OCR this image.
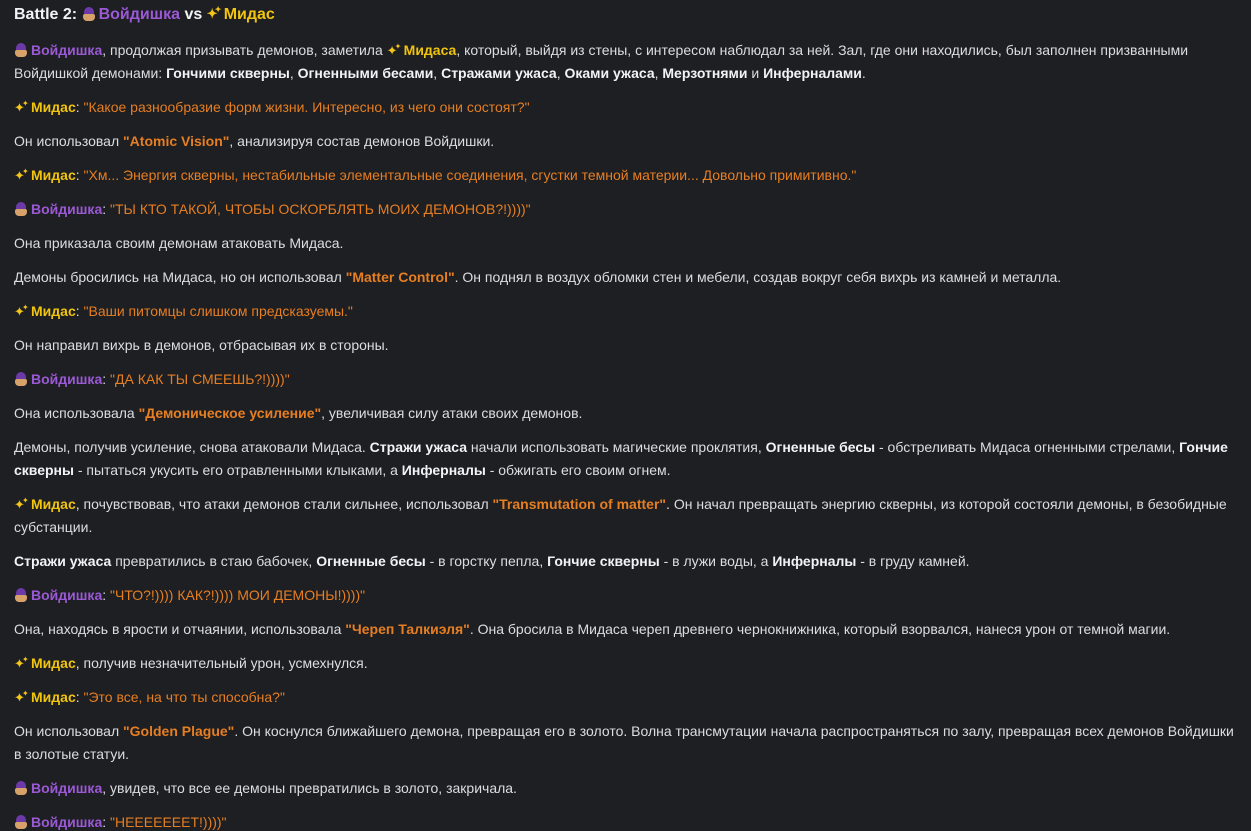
Battle 2: Войдишка vs ✦ ✦ Мидас

Войдишка, продолжая призывать демонов, заметила ✦ ✦Мидаса, который, выйдя из стены, с интересом наблюдал за ней. Зал, где они находились, был заполнен призванными Войдишкой демонами: Гончими скверны, Огненными бесами, Стражами ужаса, Оками ужаса, Мерзотнями и Инферналами.

✦ ✦Мидас: "Какое разнообразие форм жизни. Интересно, из чего они состоят?"

Он использовал "Atomic Vision", анализируя состав демонов Войдишки.

✦ ✦Мидас: "Хм... Энергия скверны, нестабильные элементальные соединения, сгустки темной материи... Довольно примитивно."

Войдишка: "ТЫ КТО ТАКОЙ, ЧТОБЫ ОСКОРБЛЯТЬ МОИХ ДЕМОНОВ?!))))"

Она приказала своим демонам атаковать Мидаса.

Демоны бросились на Мидаса, но он использовал "Matter Control". Он поднял в воздух обломки стен и мебели, создав вокруг себя вихрь из камней и металла.

✦ ✦Мидас: "Ваши питомцы слишком предсказуемы."

Он направил вихрь в демонов, отбрасывая их в стороны.

Войдишка: "ДА КАК ТЫ СМЕЕШЬ?!))))"

Она использовала "Демоническое усиление", увеличивая силу атаки своих демонов.

Демоны, получив усиление, снова атаковали Мидаса. Стражи ужаса начали использовать магические проклятия, Огненные бесы - обстреливать Мидаса огненными стрелами, Гончие скверны - пытаться укусить его отравленными клыками, а Инферналы - обжигать его своим огнем.

✦ ✦Мидас, почувствовав, что атаки демонов стали сильнее, использовал "Transmutation of matter". Он начал превращать энергию скверны, из которой состояли демоны, в безобидные субстанции.

Стражи ужаса превратились в стаю бабочек, Огненные бесы - в горстку пепла, Гончие скверны - в лужи воды, а Инферналы - в груду камней.

Войдишка: "ЧТО?!)))) КАК?!)))) МОИ ДЕМОНЫ!))))"

Она, находясь в ярости и отчаянии, использовала "Череп Талкиэля". Она бросила в Мидаса череп древнего чернокнижника, который взорвался, нанеся урон от темной магии.

✦ ✦Мидас, получив незначительный урон, усмехнулся.

✦ ✦Мидас: "Это все, на что ты способна?"

Он использовал "Golden Plague". Он коснулся ближайшего демона, превращая его в золото. Волна трансмутации начала распространяться по залу, превращая всех демонов Войдишки в золотые статуи.

Войдишка, увидев, что все ее демоны превратились в золото, закричала.

Войдишка: "НЕЕЕЕЕЕЕТ!))))"
